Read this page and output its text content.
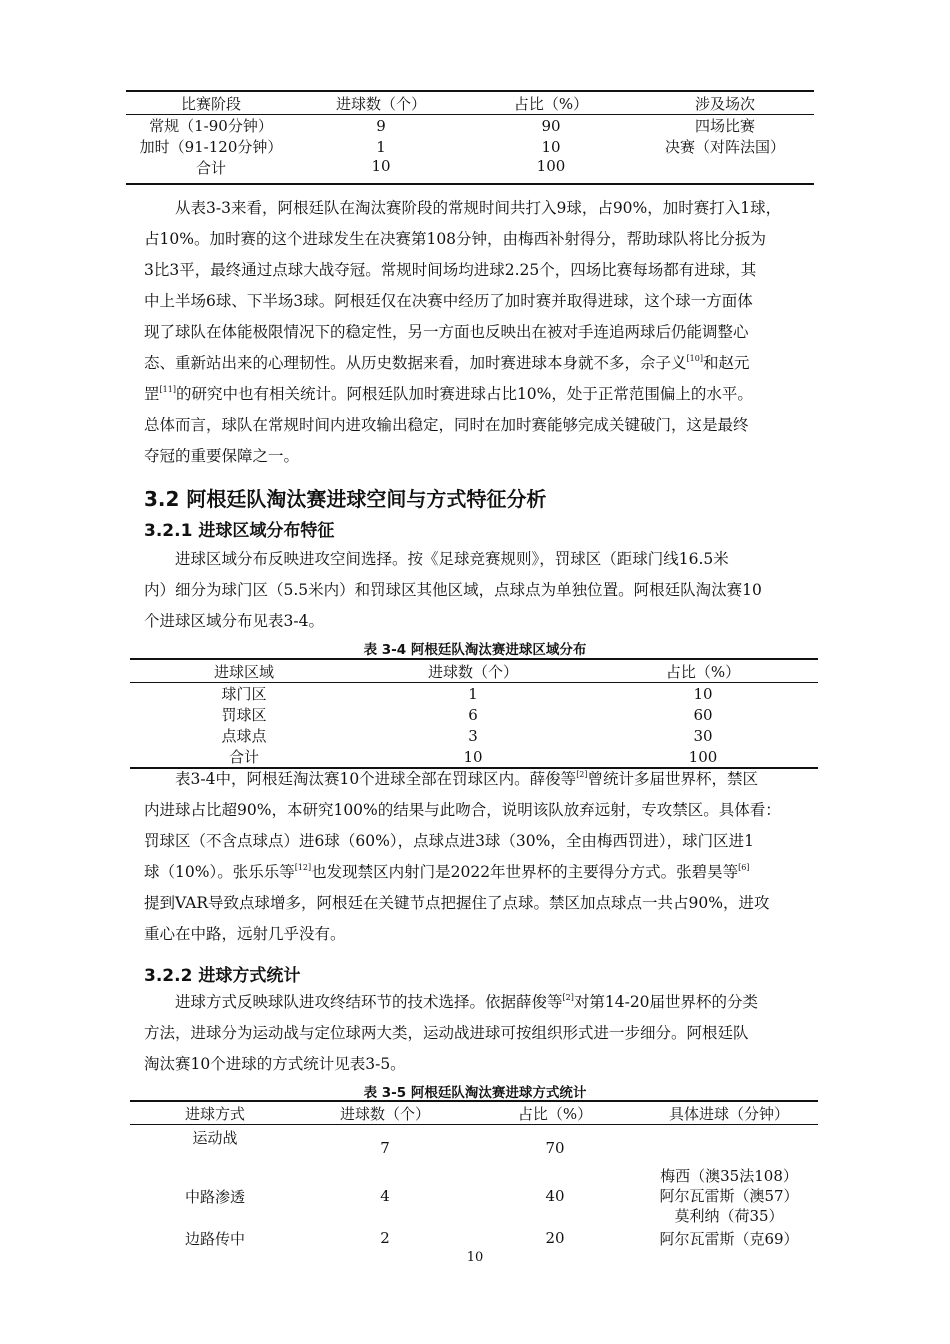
比赛阶段	进球数（个）	占比（%）	涉及场次
常规（1-90分钟）	9	90	四场比赛
加时（91-120分钟）	1	10	决赛（对阵法国）
合计	10	100	
从表3-3来看，阿根廷队在淘汰赛阶段的常规时间共打入9球，占90%，加时赛打入1球，
占10%。加时赛的这个进球发生在决赛第108分钟，由梅西补射得分，帮助球队将比分扳为
3比3平，最终通过点球大战夺冠。常规时间场均进球2.25个，四场比赛每场都有进球，其
中上半场6球、下半场3球。阿根廷仅在决赛中经历了加时赛并取得进球，这个球一方面体
现了球队在体能极限情况下的稳定性，另一方面也反映出在被对手连追两球后仍能调整心
态、重新站出来的心理韧性。从历史数据来看，加时赛进球本身就不多，佘子义[10]和赵元
罡[11]的研究中也有相关统计。阿根廷队加时赛进球占比10%，处于正常范围偏上的水平。
总体而言，球队在常规时间内进攻输出稳定，同时在加时赛能够完成关键破门，这是最终
夺冠的重要保障之一。
3.2 阿根廷队淘汰赛进球空间与方式特征分析
3.2.1 进球区域分布特征
进球区域分布反映进攻空间选择。按《足球竞赛规则》，罚球区（距球门线16.5米
内）细分为球门区（5.5米内）和罚球区其他区域，点球点为单独位置。阿根廷队淘汰赛10
个进球区域分布见表3-4。

表 3-4 阿根廷队淘汰赛进球区域分布

进球区域	进球数（个）	占比（%）
球门区	1	10
罚球区	6	60
点球点	3	30
合计	10	100
表3-4中，阿根廷淘汰赛10个进球全部在罚球区内。薛俊等[2]曾统计多届世界杯，禁区
内进球占比超90%，本研究100%的结果与此吻合，说明该队放弃远射，专攻禁区。具体看：
罚球区（不含点球点）进6球（60%），点球点进3球（30%，全由梅西罚进），球门区进1
球（10%）。张乐乐等[12]也发现禁区内射门是2022年世界杯的主要得分方式。张碧昊等[6]
提到VAR导致点球增多，阿根廷在关键节点把握住了点球。禁区加点球点一共占90%，进攻
重心在中路，远射几乎没有。
3.2.2 进球方式统计
进球方式反映球队进攻终结环节的技术选择。依据薛俊等[2]对第14-20届世界杯的分类
方法，进球分为运动战与定位球两大类，运动战进球可按组织形式进一步细分。阿根廷队
淘汰赛10个进球的方式统计见表3-5。

表 3-5 阿根廷队淘汰赛进球方式统计

进球方式	进球数（个）	占比（%）	具体进球（分钟）
运动战	7	70	
中路渗透	4	40	梅西（澳35法108）
阿尔瓦雷斯（澳57）
莫利纳（荷35）

边路传中	2	20	阿尔瓦雷斯（克69）
10
